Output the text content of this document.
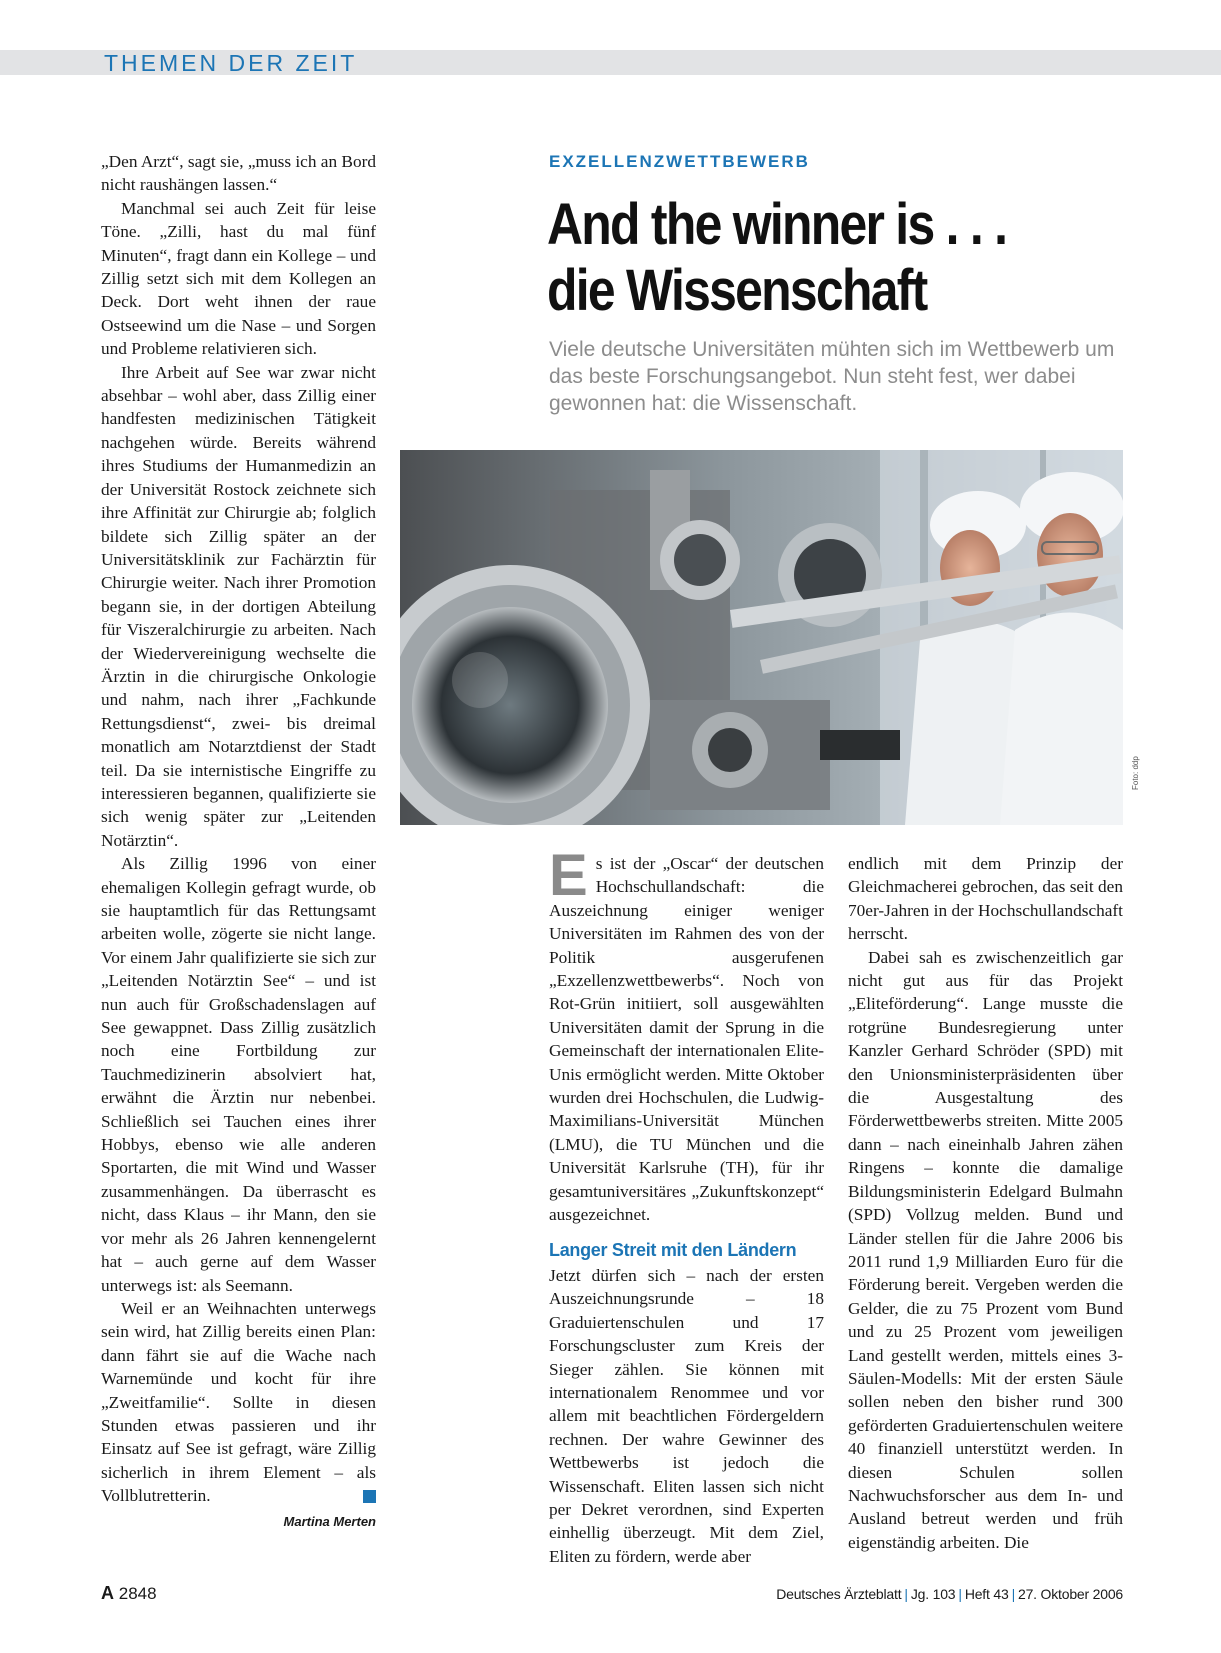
THEMEN DER ZEIT

„Den Arzt“, sagt sie, „muss ich an Bord nicht raushängen lassen.“

Manchmal sei auch Zeit für leise Töne. „Zilli, hast du mal fünf Minuten“, fragt dann ein Kollege – und Zillig setzt sich mit dem Kollegen an Deck. Dort weht ihnen der raue Ostseewind um die Nase – und Sorgen und Probleme relativieren sich.

Ihre Arbeit auf See war zwar nicht absehbar – wohl aber, dass Zillig einer handfesten medizinischen Tätigkeit nachgehen würde. Bereits während ihres Studiums der Humanmedizin an der Universität Rostock zeichnete sich ihre Affinität zur Chirurgie ab; folglich bildete sich Zillig später an der Universitätsklinik zur Fachärztin für Chirurgie weiter. Nach ihrer Promotion begann sie, in der dortigen Abteilung für Viszeralchirurgie zu arbeiten. Nach der Wiedervereinigung wechselte die Ärztin in die chirurgische Onkologie und nahm, nach ihrer „Fachkunde Rettungsdienst“, zwei- bis dreimal monatlich am Notarztdienst der Stadt teil. Da sie internistische Eingriffe zu interessieren begannen, qualifizierte sie sich wenig später zur „Leitenden Notärztin“.

Als Zillig 1996 von einer ehemaligen Kollegin gefragt wurde, ob sie hauptamtlich für das Rettungsamt arbeiten wolle, zögerte sie nicht lange. Vor einem Jahr qualifizierte sie sich zur „Leitenden Notärztin See“ – und ist nun auch für Großschadenslagen auf See gewappnet. Dass Zillig zusätzlich noch eine Fortbildung zur Tauchmedizinerin absolviert hat, erwähnt die Ärztin nur nebenbei. Schließlich sei Tauchen eines ihrer Hobbys, ebenso wie alle anderen Sportarten, die mit Wind und Wasser zusammenhängen. Da überrascht es nicht, dass Klaus – ihr Mann, den sie vor mehr als 26 Jahren kennengelernt hat – auch gerne auf dem Wasser unterwegs ist: als Seemann.

Weil er an Weihnachten unterwegs sein wird, hat Zillig bereits einen Plan: dann fährt sie auf die Wache nach Warnemünde und kocht für ihre „Zweitfamilie“. Sollte in diesen Stunden etwas passieren und ihr Einsatz auf See ist gefragt, wäre Zillig sicherlich in ihrem Element – als Vollblutretterin.

Martina Merten
EXZELLENZWETTBEWERB
And the winner is . . .
die Wissenschaft

Viele deutsche Universitäten mühten sich im Wettbewerb um das beste Forschungsangebot. Nun steht fest, wer dabei gewonnen hat: die Wissenschaft.

Foto: ddp

Es ist der „Oscar“ der deutschen Hochschullandschaft: die Auszeichnung einiger weniger Universitäten im Rahmen des von der Politik ausgerufenen „Exzellenzwettbewerbs“. Noch von Rot-Grün initiiert, soll ausgewählten Universitäten damit der Sprung in die Gemeinschaft der internationalen Elite-Unis ermöglicht werden. Mitte Oktober wurden drei Hochschulen, die Ludwig-Maximilians-Universität München (LMU), die TU München und die Universität Karlsruhe (TH), für ihr gesamtuniversitäres „Zukunftskonzept“ ausgezeichnet.

Langer Streit mit den Ländern

Jetzt dürfen sich – nach der ersten Auszeichnungsrunde – 18 Graduiertenschulen und 17 Forschungscluster zum Kreis der Sieger zählen. Sie können mit internationalem Renommee und vor allem mit beachtlichen Fördergeldern rechnen. Der wahre Gewinner des Wettbewerbs ist jedoch die Wissenschaft. Eliten lassen sich nicht per Dekret verordnen, sind Experten einhellig überzeugt. Mit dem Ziel, Eliten zu fördern, werde aber

endlich mit dem Prinzip der Gleichmacherei gebrochen, das seit den 70er-Jahren in der Hochschullandschaft herrscht.

Dabei sah es zwischenzeitlich gar nicht gut aus für das Projekt „Eliteförderung“. Lange musste die rotgrüne Bundesregierung unter Kanzler Gerhard Schröder (SPD) mit den Unionsministerpräsidenten über die Ausgestaltung des Förderwettbewerbs streiten. Mitte 2005 dann – nach eineinhalb Jahren zähen Ringens – konnte die damalige Bildungsministerin Edelgard Bulmahn (SPD) Vollzug melden. Bund und Länder stellen für die Jahre 2006 bis 2011 rund 1,9 Milliarden Euro für die Förderung bereit. Vergeben werden die Gelder, die zu 75 Prozent vom Bund und zu 25 Prozent vom jeweiligen Land gestellt werden, mittels eines 3-Säulen-Modells: Mit der ersten Säule sollen neben den bisher rund 300 geförderten Graduiertenschulen weitere 40 finanziell unterstützt werden. In diesen Schulen sollen Nachwuchsforscher aus dem In- und Ausland betreut werden und früh eigenständig arbeiten. Die

A 2848	Deutsches Ärzteblatt | Jg. 103 | Heft 43 | 27. Oktober 2006
